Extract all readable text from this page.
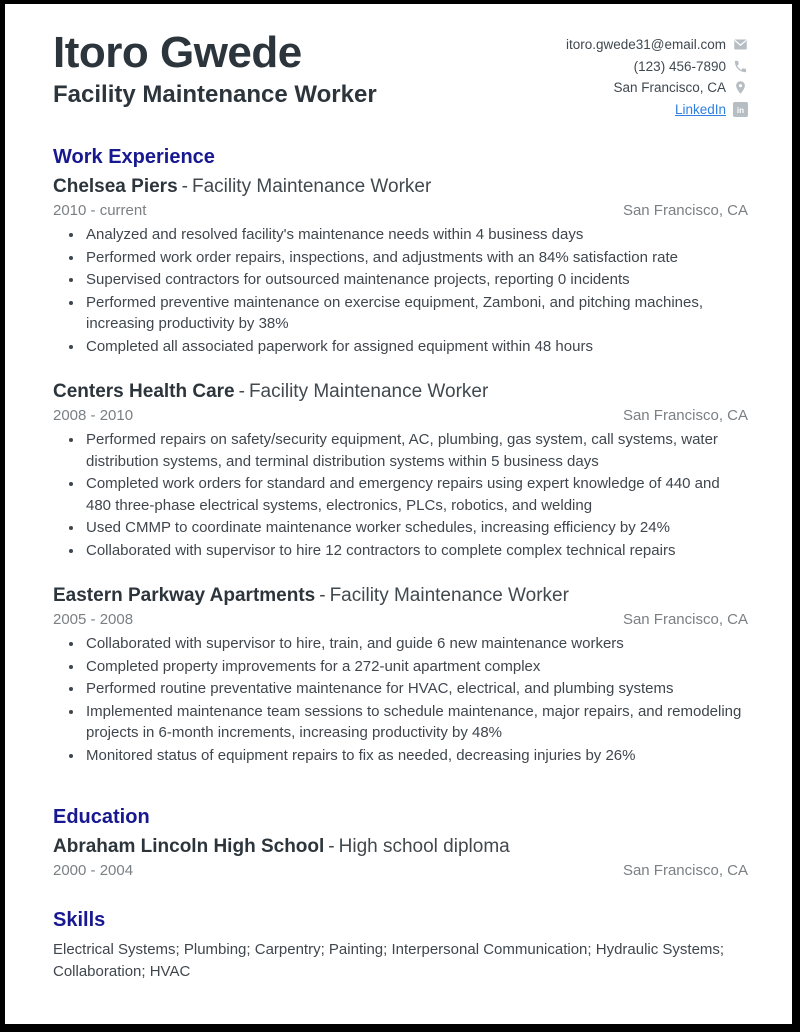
Itoro Gwede
Facility Maintenance Worker
itoro.gwede31@email.com
(123) 456-7890
San Francisco, CA
LinkedIn in
Work Experience

Chelsea Piers - Facility Maintenance Worker

2010 - current	San Francisco, CA
• Analyzed and resolved facility's maintenance needs within 4 business days
• Performed work order repairs, inspections, and adjustments with an 84% satisfaction rate
• Supervised contractors for outsourced maintenance projects, reporting 0 incidents
• Performed preventive maintenance on exercise equipment, Zamboni, and pitching machines, increasing productivity by 38%
• Completed all associated paperwork for assigned equipment within 48 hours

Centers Health Care - Facility Maintenance Worker

2008 - 2010	San Francisco, CA
• Performed repairs on safety/security equipment, AC, plumbing, gas system, call systems, water distribution systems, and terminal distribution systems within 5 business days
• Completed work orders for standard and emergency repairs using expert knowledge of 440 and 480 three-phase electrical systems, electronics, PLCs, robotics, and welding
• Used CMMP to coordinate maintenance worker schedules, increasing efficiency by 24%
• Collaborated with supervisor to hire 12 contractors to complete complex technical repairs

Eastern Parkway Apartments - Facility Maintenance Worker

2005 - 2008	San Francisco, CA
• Collaborated with supervisor to hire, train, and guide 6 new maintenance workers
• Completed property improvements for a 272-unit apartment complex
• Performed routine preventative maintenance for HVAC, electrical, and plumbing systems
• Implemented maintenance team sessions to schedule maintenance, major repairs, and remodeling projects in 6-month increments, increasing productivity by 48%
• Monitored status of equipment repairs to fix as needed, decreasing injuries by 26%
Education

Abraham Lincoln High School - High school diploma

2000 - 2004	San Francisco, CA
Skills

Electrical Systems; Plumbing; Carpentry; Painting; Interpersonal Communication; Hydraulic Systems; Collaboration; HVAC
